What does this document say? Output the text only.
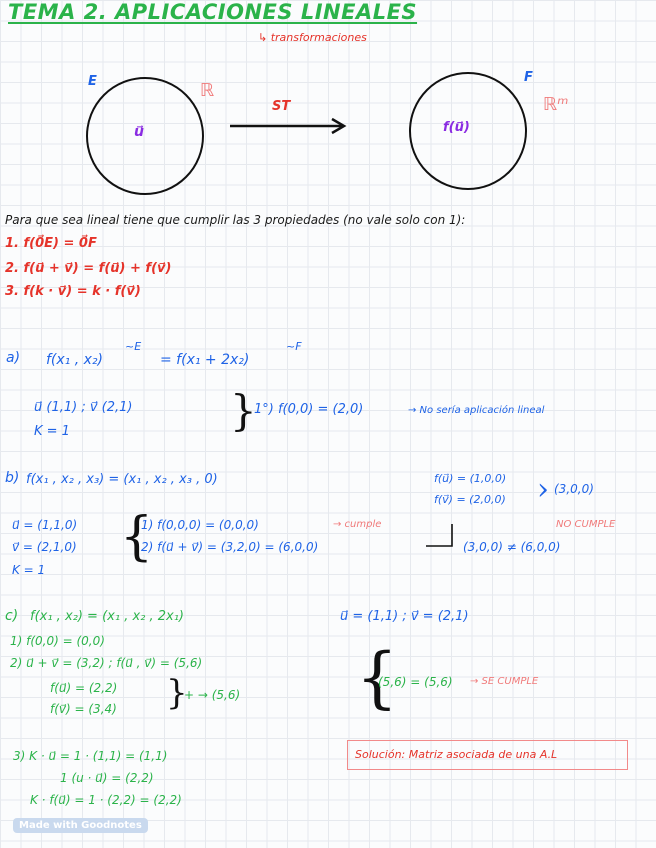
TEMA 2. APLICACIONES LINEALES
↳ transformaciones
E	ℝ
u⃗
ST
F
ℝᵐ
f(u⃗)
Para que sea lineal tiene que cumplir las 3 propiedades (no vale solo con 1):
1. f(0⃗E) = 0⃗F
2. f(u⃗ + v⃗) = f(u⃗) + f(v⃗)
3. f(k · v⃗) = k · f(v⃗)
a) f(x₁ , x₂)
~E
= f(x₁ + 2x₂)
~F
u⃗ (1,1) ; v⃗ (2,1)
K = 1	}
1°) f(0,0) = (2,0)	→ No sería aplicación lineal
b) f(x₁ , x₂ , x₃) = (x₁ , x₂ , x₃ , 0)	f(u⃗) = (1,0,0)
f(v⃗) = (2,0,0) › (3,0,0)
u⃗ = (1,1,0)
v⃗ = (2,1,0)
K = 1
{
1) f(0,0,0) = (0,0,0)	→ cumple
2) f(u⃗ + v⃗) = (3,2,0) = (6,0,0)	(3,0,0) ≠ (6,0,0)
NO CUMPLE
c) f(x₁ , x₂) = (x₁ , x₂ , 2x₁)	u⃗ = (1,1) ; v⃗ = (2,1)
1) f(0,0) = (0,0)
2) u⃗ + v⃗ = (3,2) ; f(u⃗ , v⃗) = (5,6)
f(u⃗) = (2,2)
f(v⃗) = (3,4) }
+ → (5,6) {
(5,6) = (5,6) → SE CUMPLE
3) K · u⃗ = 1 · (1,1) = (1,1)
1 (u · u⃗) = (2,2)
K · f(u⃗) = 1 · (2,2) = (2,2)
Solución: Matriz asociada de una A.L
Made with Goodnotes
